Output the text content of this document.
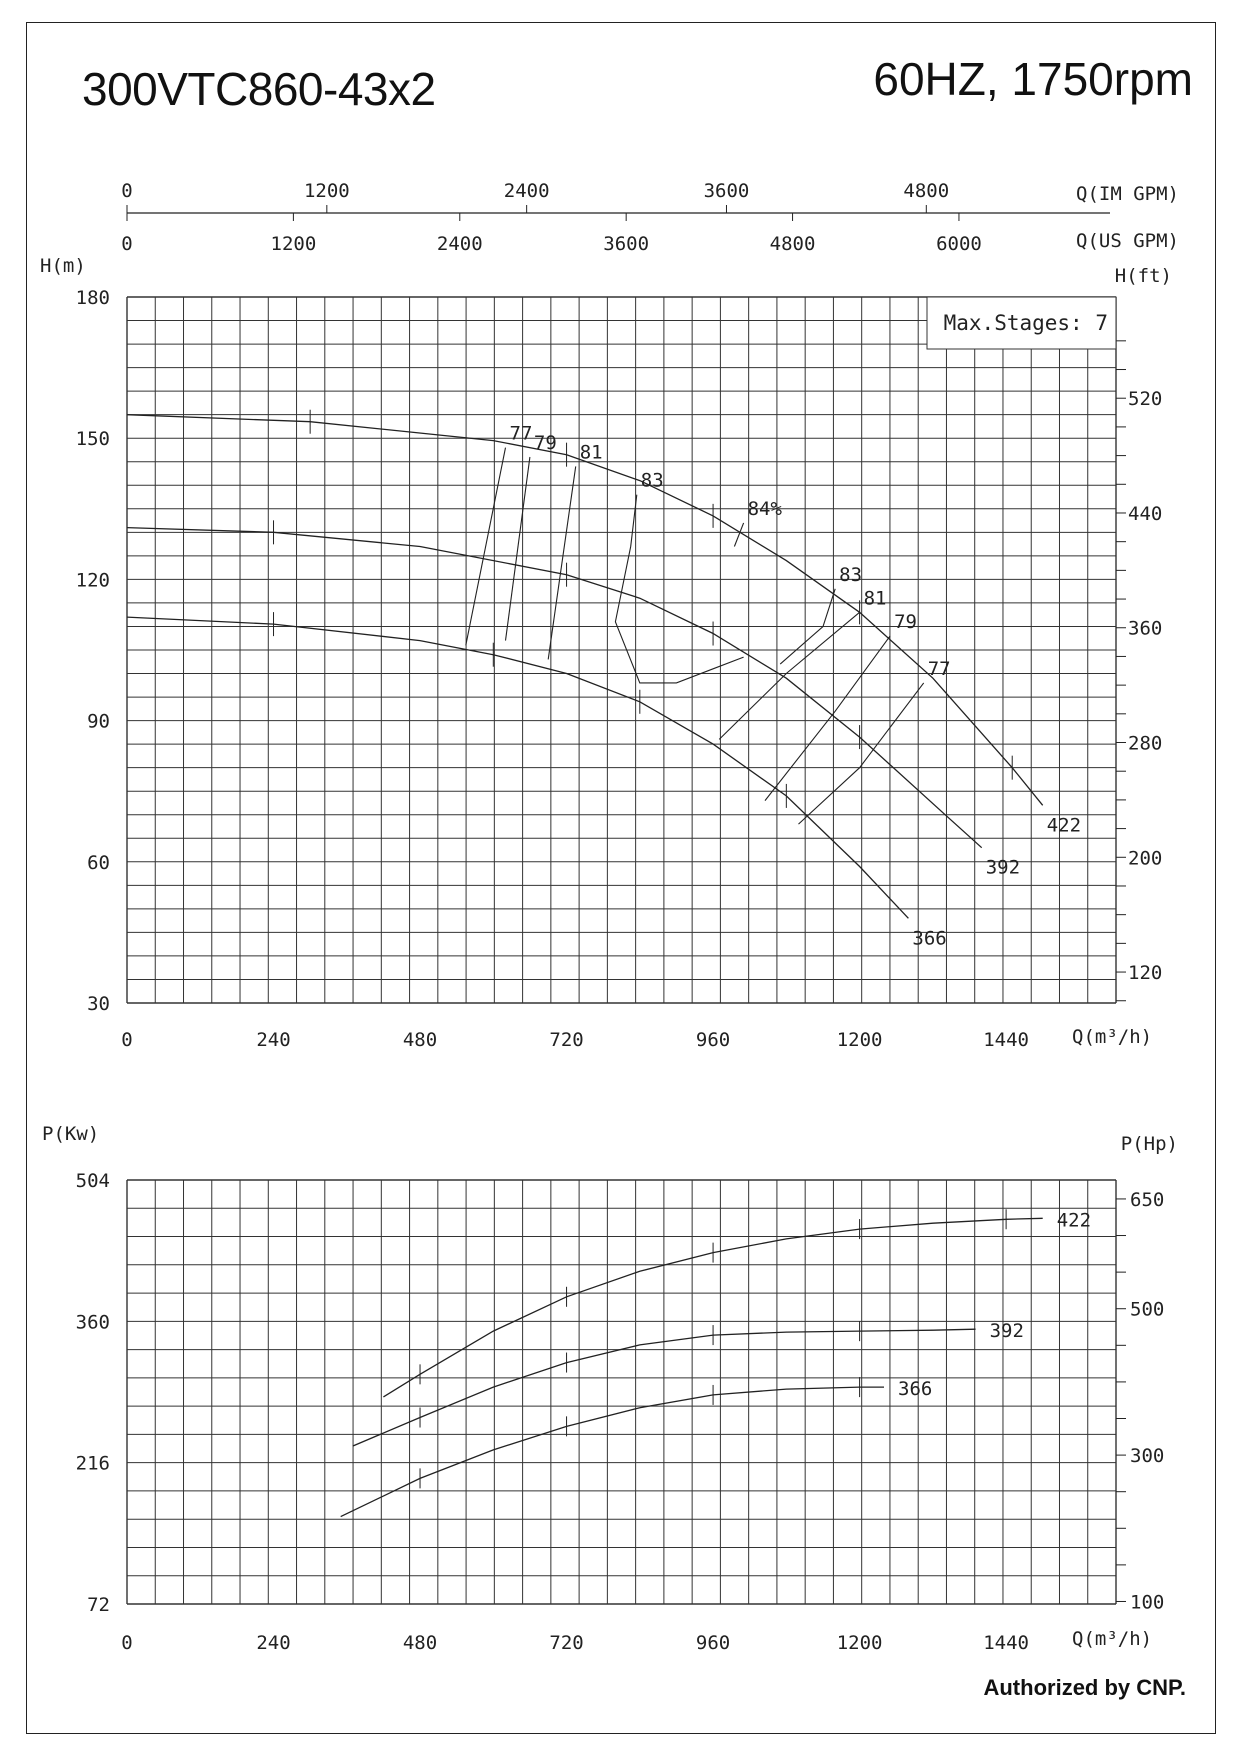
300VTC860-43x2	60HZ, 1750rpm
Authorized by CNP.
30
60
90
120
150
180
0	240	480	720	960	1200	1440
H(m)	H(ft)
Q(m³/h)
120
200
280
360
440
520
0	1200	2400	3600	4800
0	1200	2400	3600	4800	6000
Q(IM GPM)
Q(US GPM)
Max.Stages: 7
72
216
360
504
0	240	480	720	960	1200	1440
P(Kw)	P(Hp)
Q(m³/h)
100
300
500
650
422
392
366
77 79 81
83
84%
83
81
79
77
422
392
366
